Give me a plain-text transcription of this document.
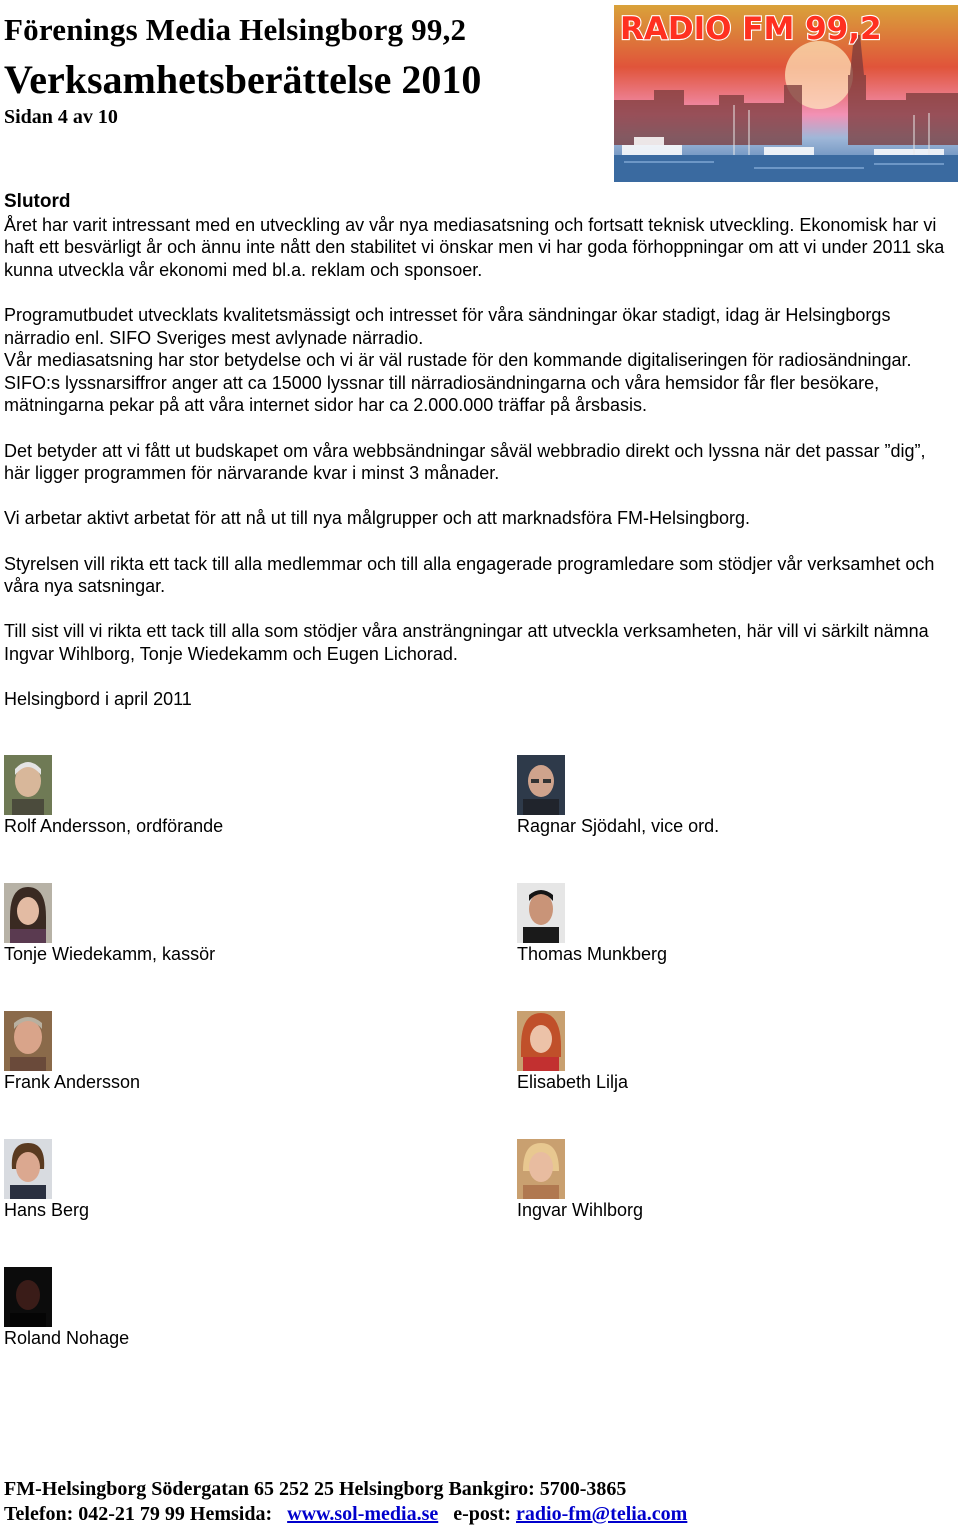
Förenings Media Helsingborg 99,2
Verksamhetsberättelse 2010
Sidan 4 av 10
RADIO FM 99,2
Slutord

Året har varit intressant med en utveckling av vår nya mediasatsning och fortsatt teknisk utveckling. Ekonomisk har vi haft ett besvärligt år och ännu inte nått den stabilitet vi önskar men vi har goda förhoppningar om att vi under 2011 ska kunna utveckla vår ekonomi med bl.a. reklam och sponsoer.

Programutbudet utvecklats kvalitetsmässigt och intresset för våra sändningar ökar stadigt, idag är Helsingborgs närradio enl. SIFO Sveriges mest avlynade närradio.

Vår mediasatsning har stor betydelse och vi är väl rustade för den kommande digitaliseringen för radiosändningar. SIFO:s lyssnarsiffror anger att ca 15000 lyssnar till närradiosändningarna och våra hemsidor får fler besökare, mätningarna pekar på att våra internet sidor har ca 2.000.000 träffar på årsbasis.

Det betyder att vi fått ut budskapet om våra webbsändningar såväl webbradio direkt och lyssna när det passar ”dig”, här ligger programmen för närvarande kvar i minst 3 månader.

Vi arbetar aktivt arbetat för att nå ut till nya målgrupper och att marknadsföra FM-Helsingborg.

Styrelsen vill rikta ett tack till alla medlemmar och till alla engagerade programledare som stödjer vår verksamhet och våra nya satsningar.

Till sist vill vi rikta ett tack till alla som stödjer våra ansträngningar att utveckla verksamheten, här vill vi särkilt nämna Ingvar Wihlborg, Tonje Wiedekamm och Eugen Lichorad.

Helsingbord i april 2011

Rolf Andersson, ordförande	Ragnar Sjödahl, vice ord.
Tonje Wiedekamm, kassör	Thomas Munkberg
Frank Andersson	Elisabeth Lilja
Hans Berg	Ingvar Wihlborg
Roland Nohage
FM-Helsingborg Södergatan 65 252 25 Helsingborg Bankgiro: 5700-3865
Telefon: 042-21 79 99 Hemsida: www.sol-media.se e-post: radio-fm@telia.com
